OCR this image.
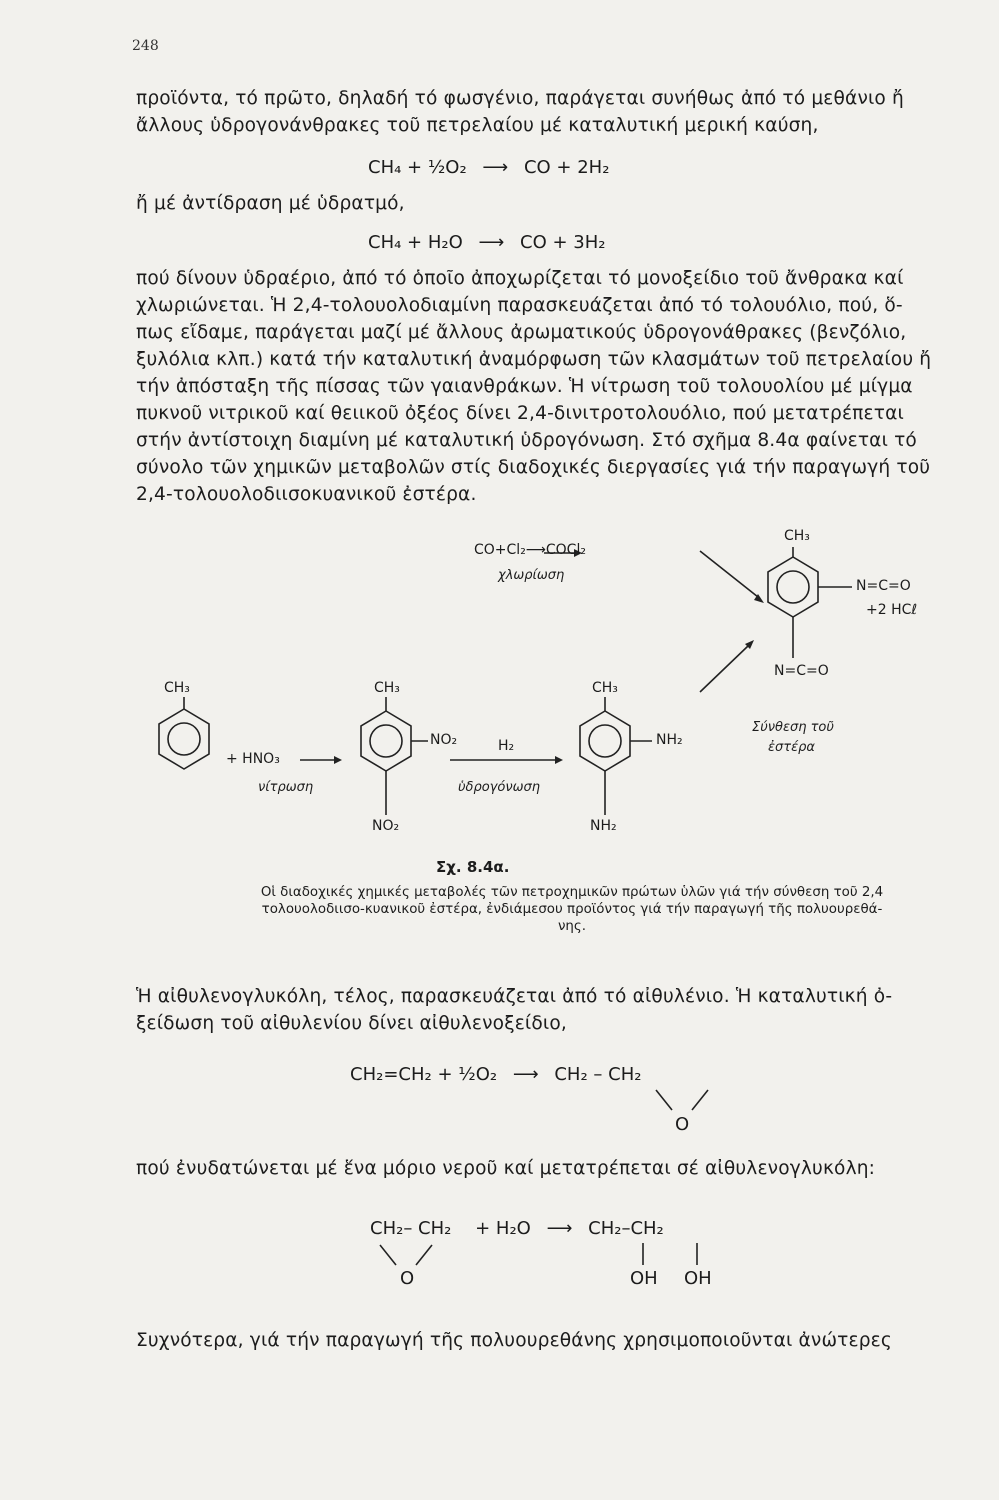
248
προϊόντα, τό πρῶτο, δηλαδή τό φωσγένιο, παράγεται συνήθως ἀπό τό μεθάνιο ἤ
ἄλλους ὑδρογονάνθρακες τοῦ πετρελαίου μέ καταλυτική μερική καύση,
CH₄ + ½O₂ ⟶ CO + 2H₂
ἤ μέ ἀντίδραση μέ ὑδρατμό,
CH₄ + H₂O ⟶ CO + 3H₂
πού δίνουν ὑδραέριο, ἀπό τό ὁποῖο ἀποχωρίζεται τό μονοξείδιο τοῦ ἄνθρακα καί
χλωριώνεται. Ἡ 2,4-τολουολοδιαμίνη παρασκευάζεται ἀπό τό τολουόλιο, πού, ὅ-
πως εἴδαμε, παράγεται μαζί μέ ἄλλους ἀρωματικούς ὑδρογονάθρακες (βενζόλιο,
ξυλόλια κλπ.) κατά τήν καταλυτική ἀναμόρφωση τῶν κλασμάτων τοῦ πετρελαίου ἤ
τήν ἀπόσταξη τῆς πίσσας τῶν γαιανθράκων. Ἡ νίτρωση τοῦ τολουολίου μέ μίγμα
πυκνοῦ νιτρικοῦ καί θειικοῦ ὀξέος δίνει 2,4-δινιτροτολουόλιο, πού μετατρέπεται
στήν ἀντίστοιχη διαμίνη μέ καταλυτική ὑδρογόνωση. Στό σχῆμα 8.4α φαίνεται τό
σύνολο τῶν χημικῶν μεταβολῶν στίς διαδοχικές διεργασίες γιά τήν παραγωγή τοῦ
2,4-τολουολοδιισοκυανικοῦ ἐστέρα.
CO+Cl₂⟶COCl₂
χλωρίωση
CH₃
N=C=O
+2 HCℓ
N=C=O
CH₃
+ HNO₃
νίτρωση
CH₃
NO₂
NO₂
H₂
ὑδρογόνωση
CH₃
NH₂
NH₂
Σύνθεση τοῦ
ἐστέρα
Σχ. 8.4α.
Οἱ διαδοχικές χημικές μεταβολές τῶν πετροχημικῶν πρώτων ὑλῶν γιά τήν σύνθεση τοῦ 2,4
τολουολοδιισο-κυανικοῦ ἐστέρα, ἐνδιάμεσου προϊόντος γιά τήν παραγωγή τῆς πολυουρεθά-
νης.
Ἡ αἰθυλενογλυκόλη, τέλος, παρασκευάζεται ἀπό τό αἰθυλένιο. Ἡ καταλυτική ὀ-
ξείδωση τοῦ αἰθυλενίου δίνει αἰθυλενοξείδιο,
CH₂=CH₂ + ½O₂ ⟶ CH₂ – CH₂
O
πού ἐνυδατώνεται μέ ἕνα μόριο νεροῦ καί μετατρέπεται σέ αἰθυλενογλυκόλη:
CH₂– CH₂ + H₂O ⟶ CH₂–CH₂
O	OH OH
Συχνότερα, γιά τήν παραγωγή τῆς πολυουρεθάνης χρησιμοποιοῦνται ἀνώτερες
